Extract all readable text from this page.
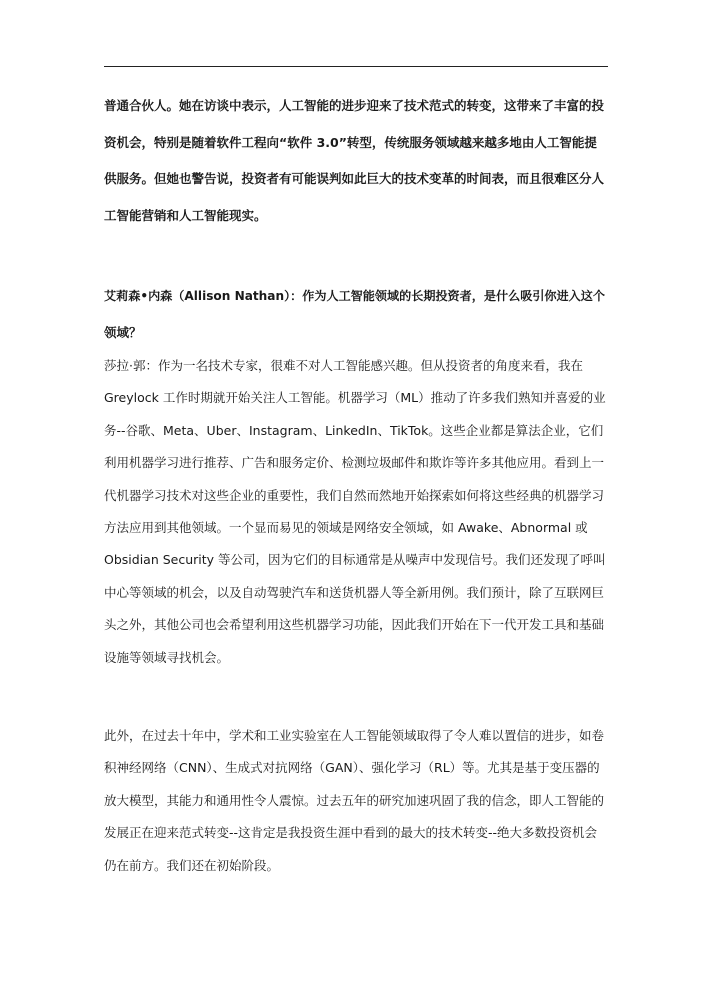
普通合伙人。她在访谈中表示，人工智能的进步迎来了技术范式的转变，这带来了丰富的投
资机会，特别是随着软件工程向“软件 3.0”转型，传统服务领域越来越多地由人工智能提
供服务。但她也警告说，投资者有可能误判如此巨大的技术变革的时间表，而且很难区分人
工智能营销和人工智能现实。

艾莉森•内森（Allison Nathan）：作为人工智能领域的长期投资者，是什么吸引你进入这个
领域？

莎拉·郭：作为一名技术专家，很难不对人工智能感兴趣。但从投资者的角度来看，我在
Greylock 工作时期就开始关注人工智能。机器学习（ML）推动了许多我们熟知并喜爱的业
务--谷歌、Meta、Uber、Instagram、LinkedIn、TikTok。这些企业都是算法企业，它们
利用机器学习进行推荐、广告和服务定价、检测垃圾邮件和欺诈等许多其他应用。看到上一
代机器学习技术对这些企业的重要性，我们自然而然地开始探索如何将这些经典的机器学习
方法应用到其他领域。一个显而易见的领域是网络安全领域，如 Awake、Abnormal 或
Obsidian Security 等公司，因为它们的目标通常是从噪声中发现信号。我们还发现了呼叫
中心等领域的机会，以及自动驾驶汽车和送货机器人等全新用例。我们预计，除了互联网巨
头之外，其他公司也会希望利用这些机器学习功能，因此我们开始在下一代开发工具和基础
设施等领域寻找机会。

此外，在过去十年中，学术和工业实验室在人工智能领域取得了令人难以置信的进步，如卷
积神经网络（CNN）、生成式对抗网络（GAN）、强化学习（RL）等。尤其是基于变压器的
放大模型，其能力和通用性令人震惊。过去五年的研究加速巩固了我的信念，即人工智能的
发展正在迎来范式转变--这肯定是我投资生涯中看到的最大的技术转变--绝大多数投资机会
仍在前方。我们还在初始阶段。
